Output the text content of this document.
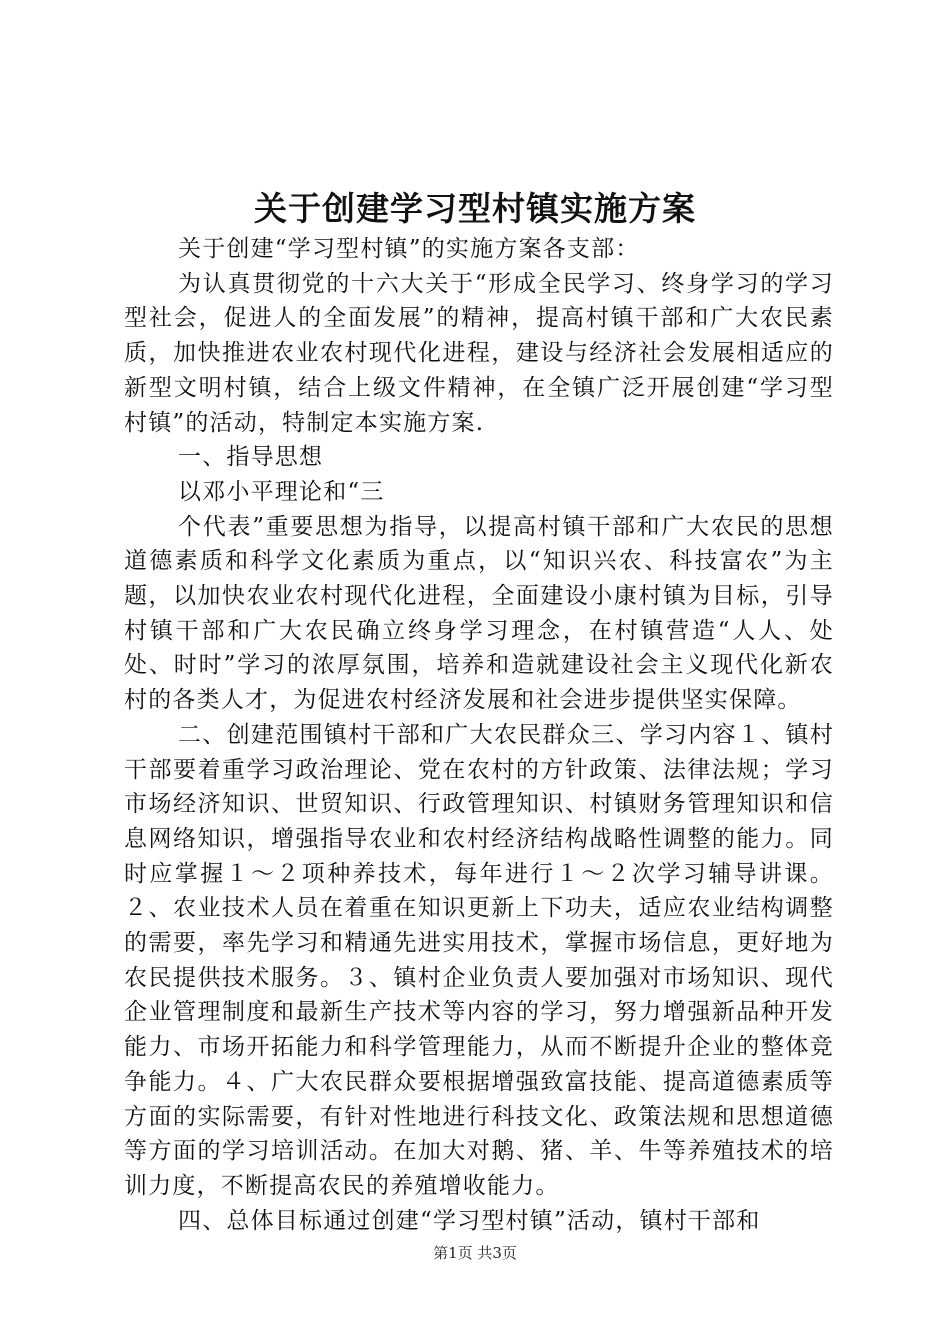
关于创建学习型村镇实施方案

关于创建“学习型村镇”的实施方案各支部：

为认真贯彻党的十六大关于“形成全民学习、终身学习的学习型社会，促进人的全面发展”的精神，提高村镇干部和广大农民素质，加快推进农业农村现代化进程，建设与经济社会发展相适应的新型文明村镇，结合上级文件精神，在全镇广泛开展创建“学习型村镇”的活动，特制定本实施方案.

一、指导思想

以邓小平理论和“三

个代表”重要思想为指导，以提高村镇干部和广大农民的思想道德素质和科学文化素质为重点，以“知识兴农、科技富农”为主题，以加快农业农村现代化进程，全面建设小康村镇为目标，引导村镇干部和广大农民确立终身学习理念，在村镇营造“人人、处处、时时”学习的浓厚氛围，培养和造就建设社会主义现代化新农村的各类人才，为促进农村经济发展和社会进步提供坚实保障。

二、创建范围镇村干部和广大农民群众三、学习内容１、镇村干部要着重学习政治理论、党在农村的方针政策、法律法规；学习市场经济知识、世贸知识、行政管理知识、村镇财务管理知识和信息网络知识，增强指导农业和农村经济结构战略性调整的能力。同时应掌握１～２项种养技术，每年进行１～２次学习辅导讲课。２、农业技术人员在着重在知识更新上下功夫，适应农业结构调整的需要，率先学习和精通先进实用技术，掌握市场信息，更好地为农民提供技术服务。３、镇村企业负责人要加强对市场知识、现代企业管理制度和最新生产技术等内容的学习，努力增强新品种开发能力、市场开拓能力和科学管理能力，从而不断提升企业的整体竞争能力。４、广大农民群众要根据增强致富技能、提高道德素质等方面的实际需要，有针对性地进行科技文化、政策法规和思想道德等方面的学习培训活动。在加大对鹅、猪、羊、牛等养殖技术的培训力度，不断提高农民的养殖增收能力。

四、总体目标通过创建“学习型村镇”活动，镇村干部和

第1页 共3页
